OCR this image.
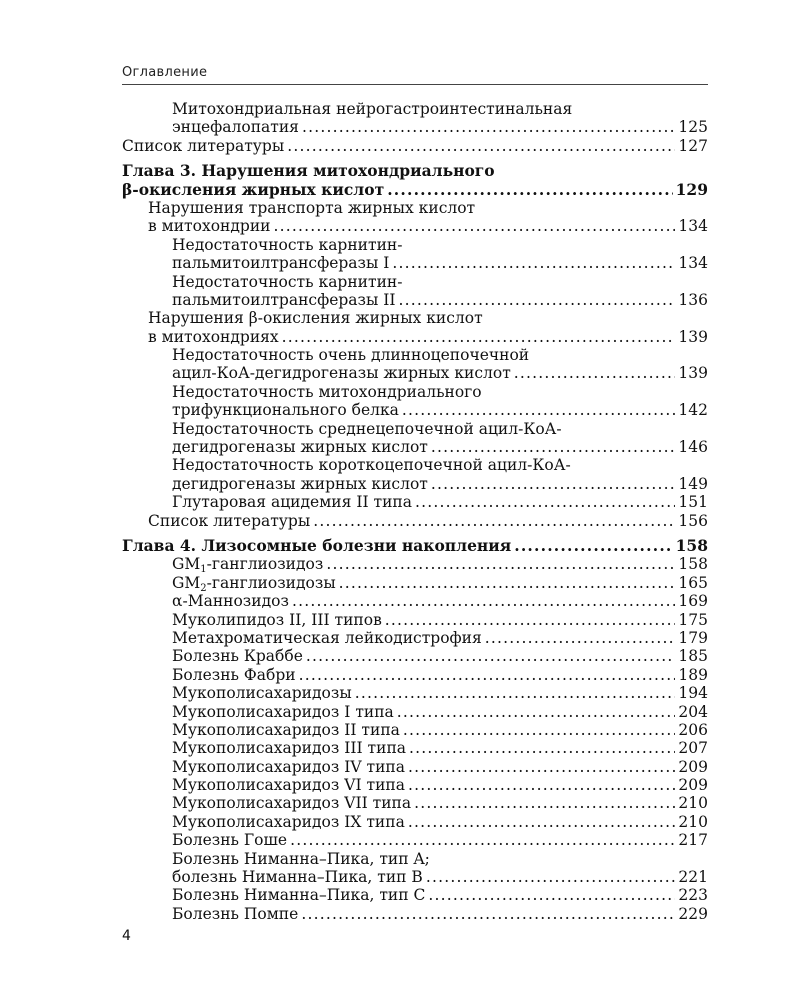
Оглавление
Митохондриальная нейрогастроинтестинальная
энцефалопатия .....	125
Список литературы .....	127
Глава 3. Нарушения митохондриального
β-окисления жирных кислот .....	129
Нарушения транспорта жирных кислот
в митохондрии .....	134
Недостаточность карнитин-
пальмитоилтрансферазы I .....	134
Недостаточность карнитин-
пальмитоилтрансферазы II .....	136
Нарушения β-окисления жирных кислот
в митохондриях .....	139
Недостаточность очень длинноцепочечной
ацил-КоА-дегидрогеназы жирных кислот .....	139
Недостаточность митохондриального
трифункционального белка .....	142
Недостаточность среднецепочечной ацил-КоА-
дегидрогеназы жирных кислот .....	146
Недостаточность короткоцепочечной ацил-КоА-
дегидрогеназы жирных кислот .....	149
Глутаровая ацидемия II типа .....	151
Список литературы .....	156
Глава 4. Лизосомные болезни накопления .....	158
$GM_1$-ганглиозидоз .....	158
$GM_2$-ганглиозидозы .....	165
α-Маннозидоз .....	169
Муколипидоз II, III типов .....	175
Метахроматическая лейкодистрофия .....	179
Болезнь Краббе .....	185
Болезнь Фабри .....	189
Мукополисахаридозы .....	194
Мукополисахаридоз I типа .....	204
Мукополисахаридоз II типа .....	206
Мукополисахаридоз III типа .....	207
Мукополисахаридоз IV типа .....	209
Мукополисахаридоз VI типа .....	209
Мукополисахаридоз VII типа .....	210
Мукополисахаридоз IX типа .....	210
Болезнь Гоше .....	217
Болезнь Ниманна–Пика, тип A;
болезнь Ниманна–Пика, тип B .....	221
Болезнь Ниманна–Пика, тип C .....	223
Болезнь Помпе .....	229
4
